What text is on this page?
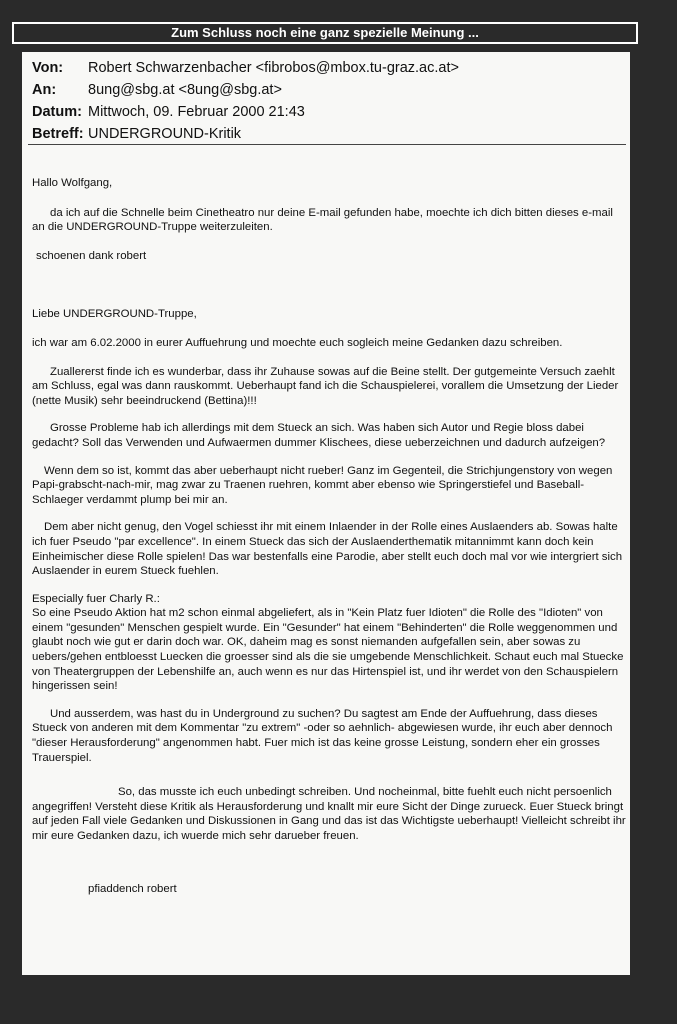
Zum Schluss noch eine ganz spezielle Meinung ...
Von: Robert Schwarzenbacher <fibrobos@mbox.tu-graz.ac.at>
An: 8ung@sbg.at <8ung@sbg.at>
Datum: Mittwoch, 09. Februar 2000 21:43
Betreff: UNDERGROUND-Kritik

Hallo Wolfgang,

da ich auf die Schnelle beim Cinetheatro nur deine E-mail gefunden habe, moechte ich dich bitten dieses e-mail an die UNDERGROUND-Truppe weiterzuleiten.

schoenen dank robert

Liebe UNDERGROUND-Truppe,

ich war am 6.02.2000 in eurer Auffuehrung und moechte euch sogleich meine Gedanken dazu schreiben.

Zuallererst finde ich es wunderbar, dass ihr Zuhause sowas auf die Beine stellt. Der gutgemeinte Versuch zaehlt am Schluss, egal was dann rauskommt. Ueberhaupt fand ich die Schauspielerei, vorallem die Umsetzung der Lieder (nette Musik) sehr beeindruckend (Bettina)!!!

Grosse Probleme hab ich allerdings mit dem Stueck an sich. Was haben sich Autor und Regie bloss dabei gedacht? Soll das Verwenden und Aufwaermen dummer Klischees, diese ueberzeichnen und dadurch aufzeigen?

Wenn dem so ist, kommt das aber ueberhaupt nicht rueber! Ganz im Gegenteil, die Strichjungenstory von wegen Papi-grabscht-nach-mir, mag zwar zu Traenen ruehren, kommt aber ebenso wie Springerstiefel und Baseball-Schlaeger verdammt plump bei mir an.

Dem aber nicht genug, den Vogel schiesst ihr mit einem Inlaender in der Rolle eines Auslaenders ab. Sowas halte ich fuer Pseudo "par excellence". In einem Stueck das sich der Auslaenderthematik mitannimmt kann doch kein Einheimischer diese Rolle spielen! Das war bestenfalls eine Parodie, aber stellt euch doch mal vor wie intergriert sich Auslaender in eurem Stueck fuehlen.

Especially fuer Charly R.:

So eine Pseudo Aktion hat m2 schon einmal abgeliefert, als in "Kein Platz fuer Idioten" die Rolle des "Idioten" von einem "gesunden" Menschen gespielt wurde. Ein "Gesunder" hat einem "Behinderten" die Rolle weggenommen und glaubt noch wie gut er darin doch war. OK, daheim mag es sonst niemanden aufgefallen sein, aber sowas zu uebers/gehen entbloesst Luecken die groesser sind als die sie umgebende Menschlichkeit. Schaut euch mal Stuecke von Theatergruppen der Lebenshilfe an, auch wenn es nur das Hirtenspiel ist, und ihr werdet von den Schauspielern hingerissen sein!

Und ausserdem, was hast du in Underground zu suchen? Du sagtest am Ende der Auffuehrung, dass dieses Stueck von anderen mit dem Kommentar "zu extrem" -oder so aehnlich- abgewiesen wurde, ihr euch aber dennoch "dieser Herausforderung" angenommen habt. Fuer mich ist das keine grosse Leistung, sondern eher ein grosses Trauerspiel.

So, das musste ich euch unbedingt schreiben. Und nocheinmal, bitte fuehlt euch nicht persoenlich angegriffen! Versteht diese Kritik als Herausforderung und knallt mir eure Sicht der Dinge zurueck. Euer Stueck bringt auf jeden Fall viele Gedanken und Diskussionen in Gang und das ist das Wichtigste ueberhaupt! Vielleicht schreibt ihr mir eure Gedanken dazu, ich wuerde mich sehr darueber freuen.

pfiaddench robert
